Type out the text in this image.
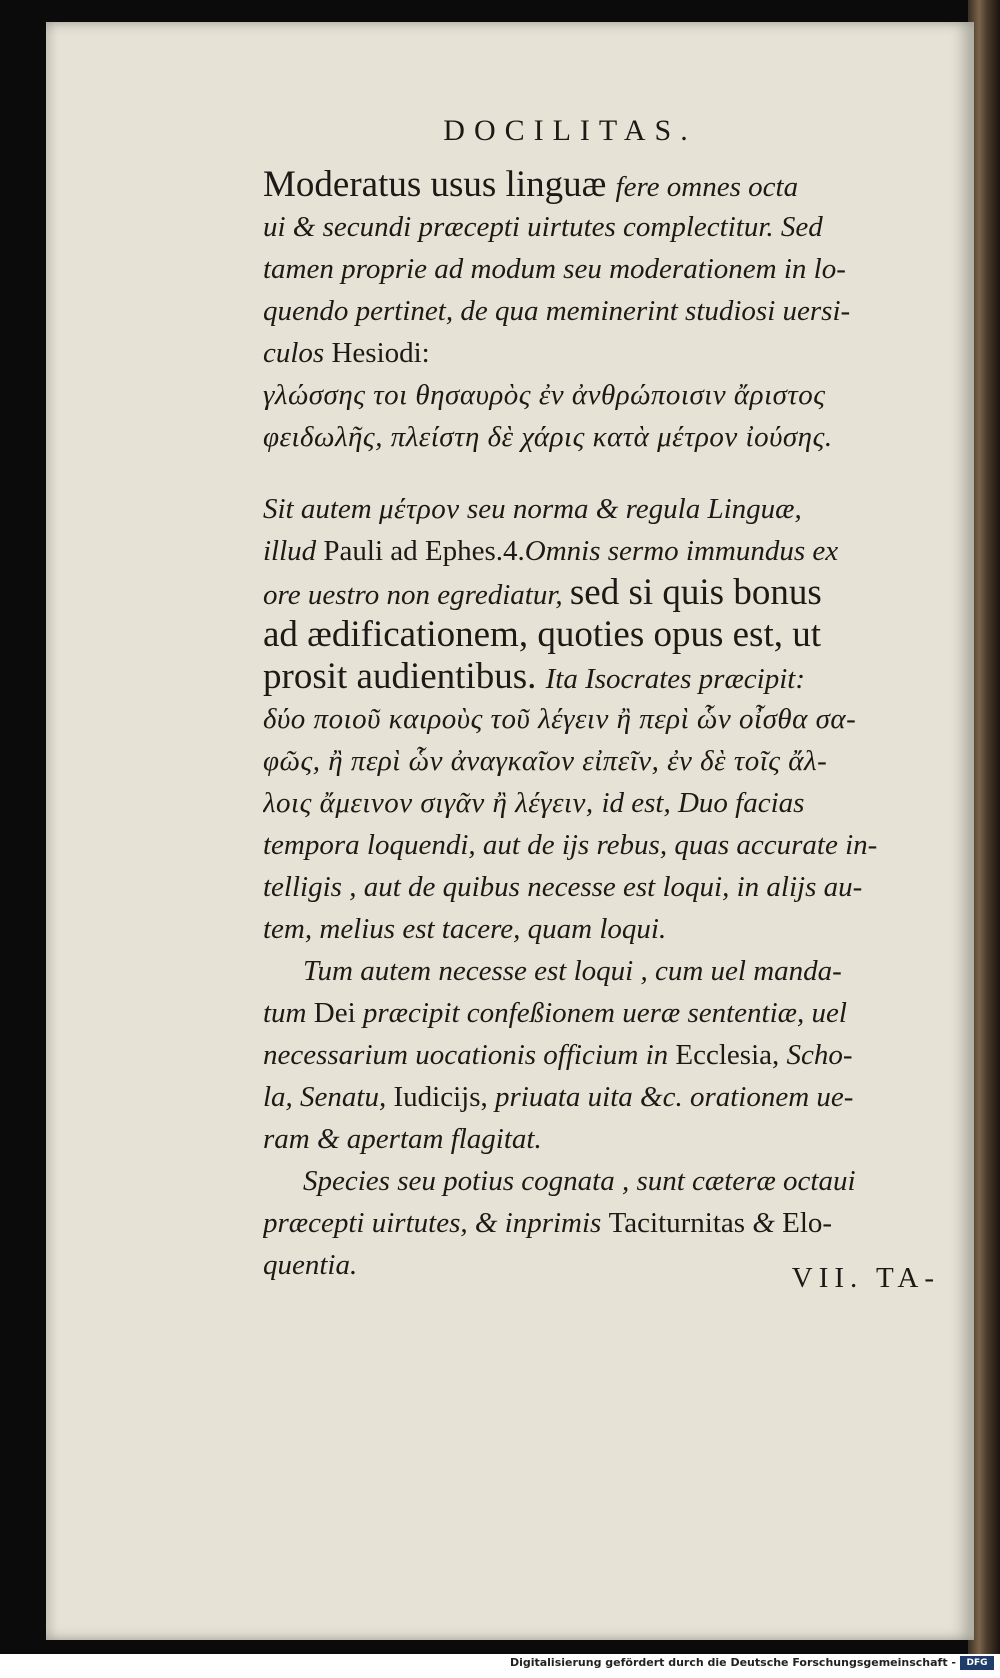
DOCILITAS.
Moderatus usus linguæ fere omnes octa
ui & secundi præcepti uirtutes complectitur. Sed
tamen proprie ad modum seu moderationem in lo-
quendo pertinet, de qua meminerint studiosi uersi-
culos Hesiodi:
γλώσσης τοι θησαυρὸς ἐν ἀνθρώποισιν ἄριστος
φειδωλῆς, πλείστη δὲ χάρις κατὰ μέτρον ἰούσης.
Sit autem μέτρον seu norma & regula Linguæ,
illud Pauli ad Ephes.4.Omnis sermo immundus ex
ore uestro non egrediatur, sed si quis bonus
ad ædificationem, quoties opus est, ut
prosit audientibus. Ita Isocrates præcipit:
δύο ποιοῦ καιροὺς τοῦ λέγειν ἢ περὶ ὧν οἶσθα σα-
φῶς, ἢ περὶ ὧν ἀναγκαῖον εἰπεῖν, ἐν δὲ τοῖς ἄλ-
λοις ἄμεινον σιγᾶν ἢ λέγειν, id est, Duo facias
tempora loquendi, aut de ijs rebus, quas accurate in-
telligis , aut de quibus necesse est loqui, in alijs au-
tem, melius est tacere, quam loqui.
Tum autem necesse est loqui , cum uel manda-
tum Dei præcipit confeßionem ueræ sententiæ, uel
necessarium uocationis officium in Ecclesia, Scho-
la, Senatu, Iudicijs, priuata uita &c. orationem ue-
ram & apertam flagitat.
Species seu potius cognata , sunt cæteræ octaui
præcepti uirtutes, & inprimis Taciturnitas & Elo-
quentia.	VII. TA-
Digitalisierung gefördert durch die Deutsche Forschungsgemeinschaft -	DFG
